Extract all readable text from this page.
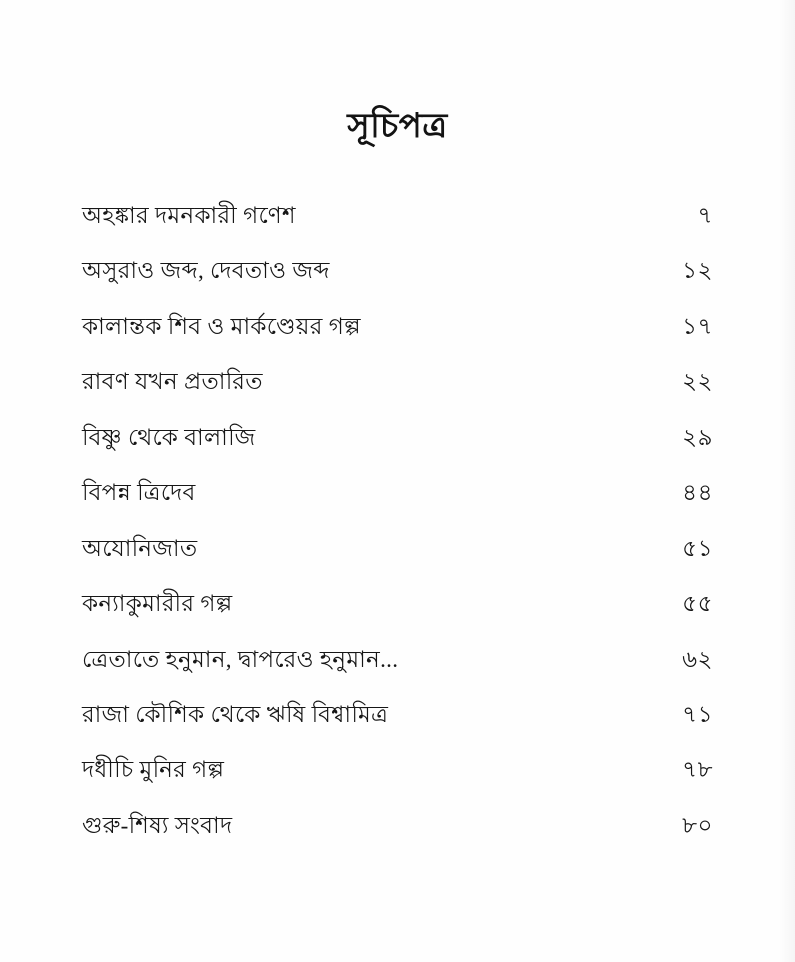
সূচিপত্র
অহঙ্কার দমনকারী গণেশ	৭
অসুরাও জব্দ, দেবতাও জব্দ	১২
কালান্তক শিব ও মার্কণ্ডেয়র গল্প	১৭
রাবণ যখন প্রতারিত	২২
বিষ্ণু থেকে বালাজি	২৯
বিপন্ন ত্রিদেব	৪৪
অযোনিজাত	৫১
কন্যাকুমারীর গল্প	৫৫
ত্রেতাতে হনুমান, দ্বাপরেও হনুমান...	৬২
রাজা কৌশিক থেকে ঋষি বিশ্বামিত্র	৭১
দধীচি মুনির গল্প	৭৮
গুরু-শিষ্য সংবাদ	৮০
